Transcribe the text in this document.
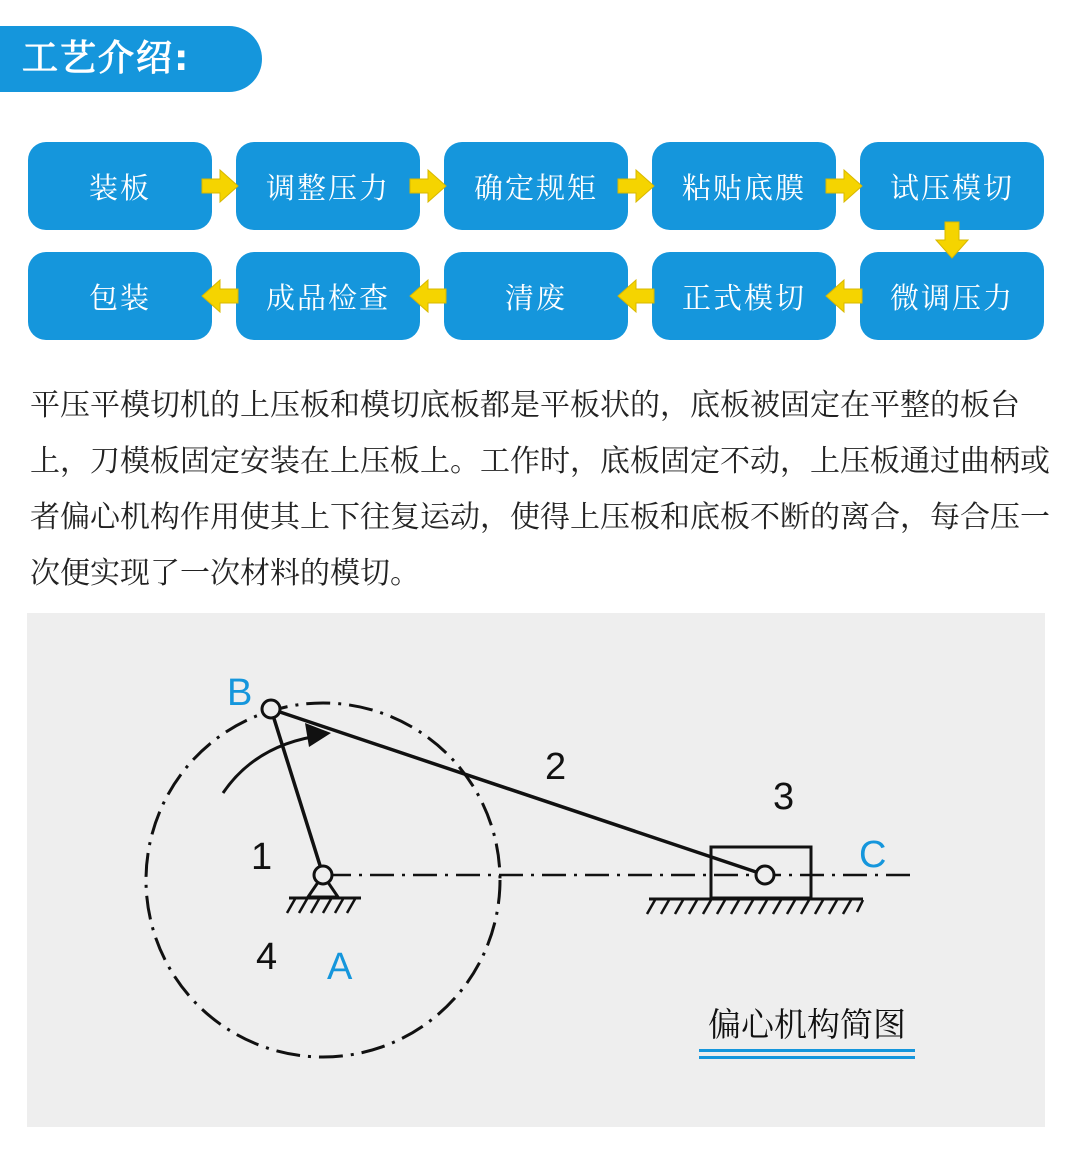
工艺介绍:
装板	调整压力	确定规矩	粘贴底膜	试压模切
微调压力
正式模切
清废
成品检查
包装

平压平模切机的上压板和模切底板都是平板状的，底板被固定在平整的板台上，刀模板固定安装在上压板上。工作时，底板固定不动，上压板通过曲柄或者偏心机构作用使其上下往复运动，使得上压板和底板不断的离合，每合压一次便实现了一次材料的模切。

B
A
C
1
2
3
4
偏心机构简图
